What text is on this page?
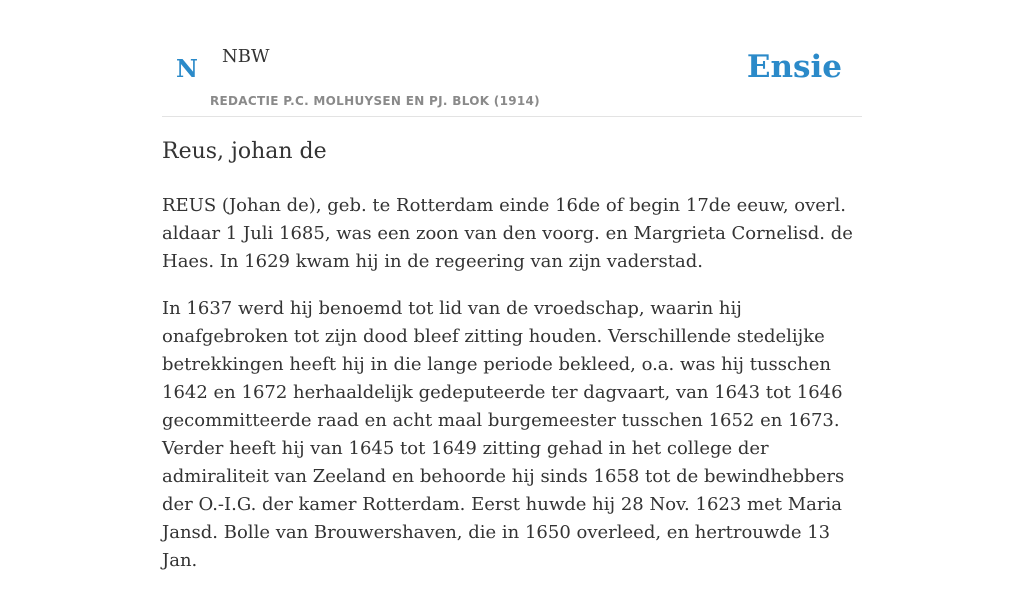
N NBW
REDACTIE P.C. MOLHUYSEN EN PJ. BLOK (1914)
Ensie
Reus, johan de

REUS (Johan de), geb. te Rotterdam einde 16de of begin 17de eeuw, overl. aldaar 1 Juli 1685, was een zoon van den voorg. en Margrieta Cornelisd. de Haes. In 1629 kwam hij in de regeering van zijn vaderstad.

In 1637 werd hij benoemd tot lid van de vroedschap, waarin hij onafgebroken tot zijn dood bleef zitting houden. Verschillende stedelijke betrekkingen heeft hij in die lange periode bekleed, o.a. was hij tusschen 1642 en 1672 herhaaldelijk gedeputeerde ter dagvaart, van 1643 tot 1646 gecommitteerde raad en acht maal burgemeester tusschen 1652 en 1673. Verder heeft hij van 1645 tot 1649 zitting gehad in het college der admiraliteit van Zeeland en behoorde hij sinds 1658 tot de bewindhebbers der O.-I.G. der kamer Rotterdam. Eerst huwde hij 28 Nov. 1623 met Maria Jansd. Bolle van Brouwershaven, die in 1650 overleed, en hertrouwde 13 Jan.
